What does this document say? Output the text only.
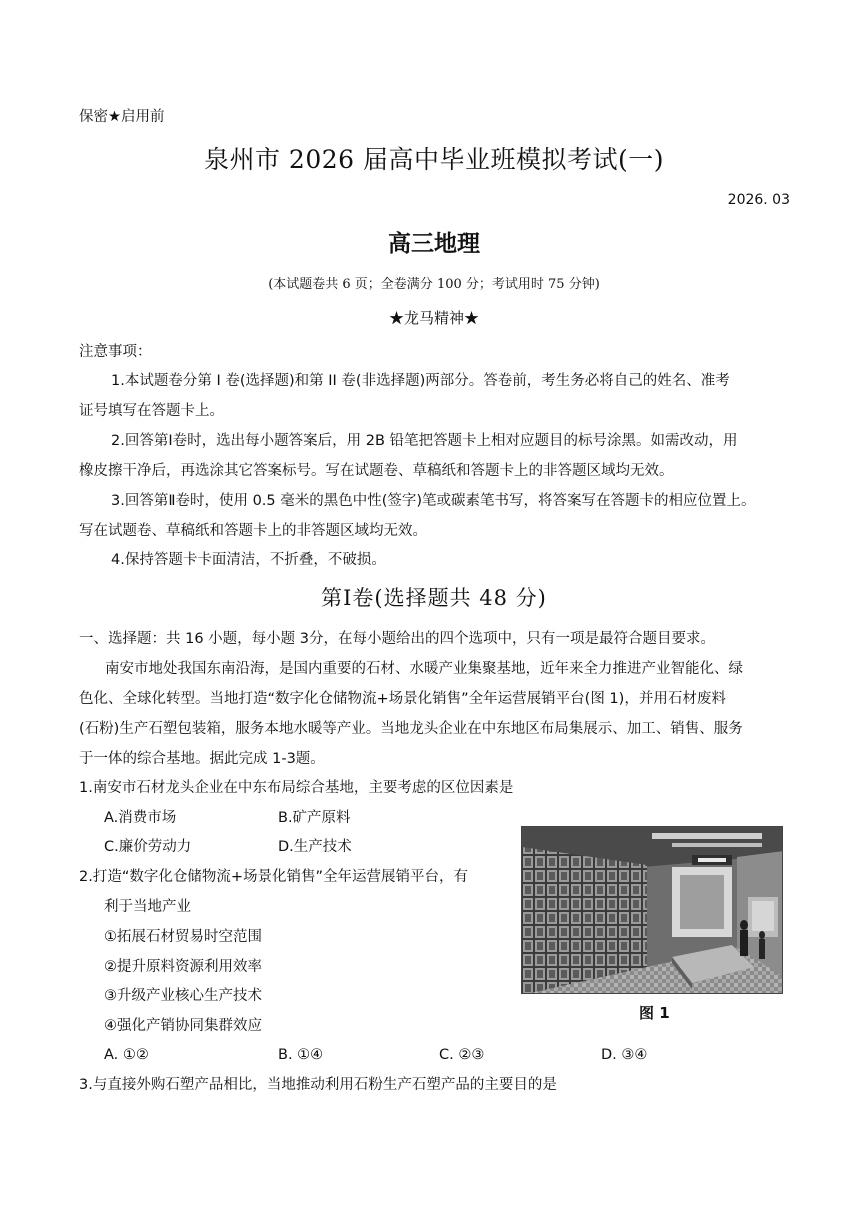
保密★启用前
泉州市 2026 届高中毕业班模拟考试(一)
2026. 03
高三地理
(本试题卷共 6 页；全卷满分 100 分；考试用时 75 分钟)
★龙马精神★
注意事项：
1.本试题卷分第 I 卷(选择题)和第 II 卷(非选择题)两部分。答卷前，考生务必将自己的姓名、准考
证号填写在答题卡上。
2.回答第Ⅰ卷时，选出每小题答案后，用 2B 铅笔把答题卡上相对应题目的标号涂黑。如需改动，用
橡皮擦干净后，再选涂其它答案标号。写在试题卷、草稿纸和答题卡上的非答题区域均无效。
3.回答第Ⅱ卷时，使用 0.5 毫米的黑色中性(签字)笔或碳素笔书写，将答案写在答题卡的相应位置上。
写在试题卷、草稿纸和答题卡上的非答题区域均无效。
4.保持答题卡卡面清洁，不折叠，不破损。
第Ⅰ卷(选择题共 48 分)
一、选择题：共 16 小题，每小题 3分，在每小题给出的四个选项中，只有一项是最符合题目要求。
南安市地处我国东南沿海，是国内重要的石材、水暖产业集聚基地，近年来全力推进产业智能化、绿
色化、全球化转型。当地打造“数字化仓储物流+场景化销售”全年运营展销平台(图 1)，并用石材废料
(石粉)生产石塑包装箱，服务本地水暖等产业。当地龙头企业在中东地区布局集展示、加工、销售、服务
于一体的综合基地。据此完成 1-3题。
1.南安市石材龙头企业在中东布局综合基地，主要考虑的区位因素是
A.消费市场	B.矿产原料
C.廉价劳动力	D.生产技术
2.打造“数字化仓储物流+场景化销售”全年运营展销平台，有
利于当地产业
①拓展石材贸易时空范围
②提升原料资源利用效率
③升级产业核心生产技术
④强化产销协同集群效应
A. ①②	B. ①④	C. ②③	D. ③④
3.与直接外购石塑产品相比，当地推动利用石粉生产石塑产品的主要目的是
图 1
